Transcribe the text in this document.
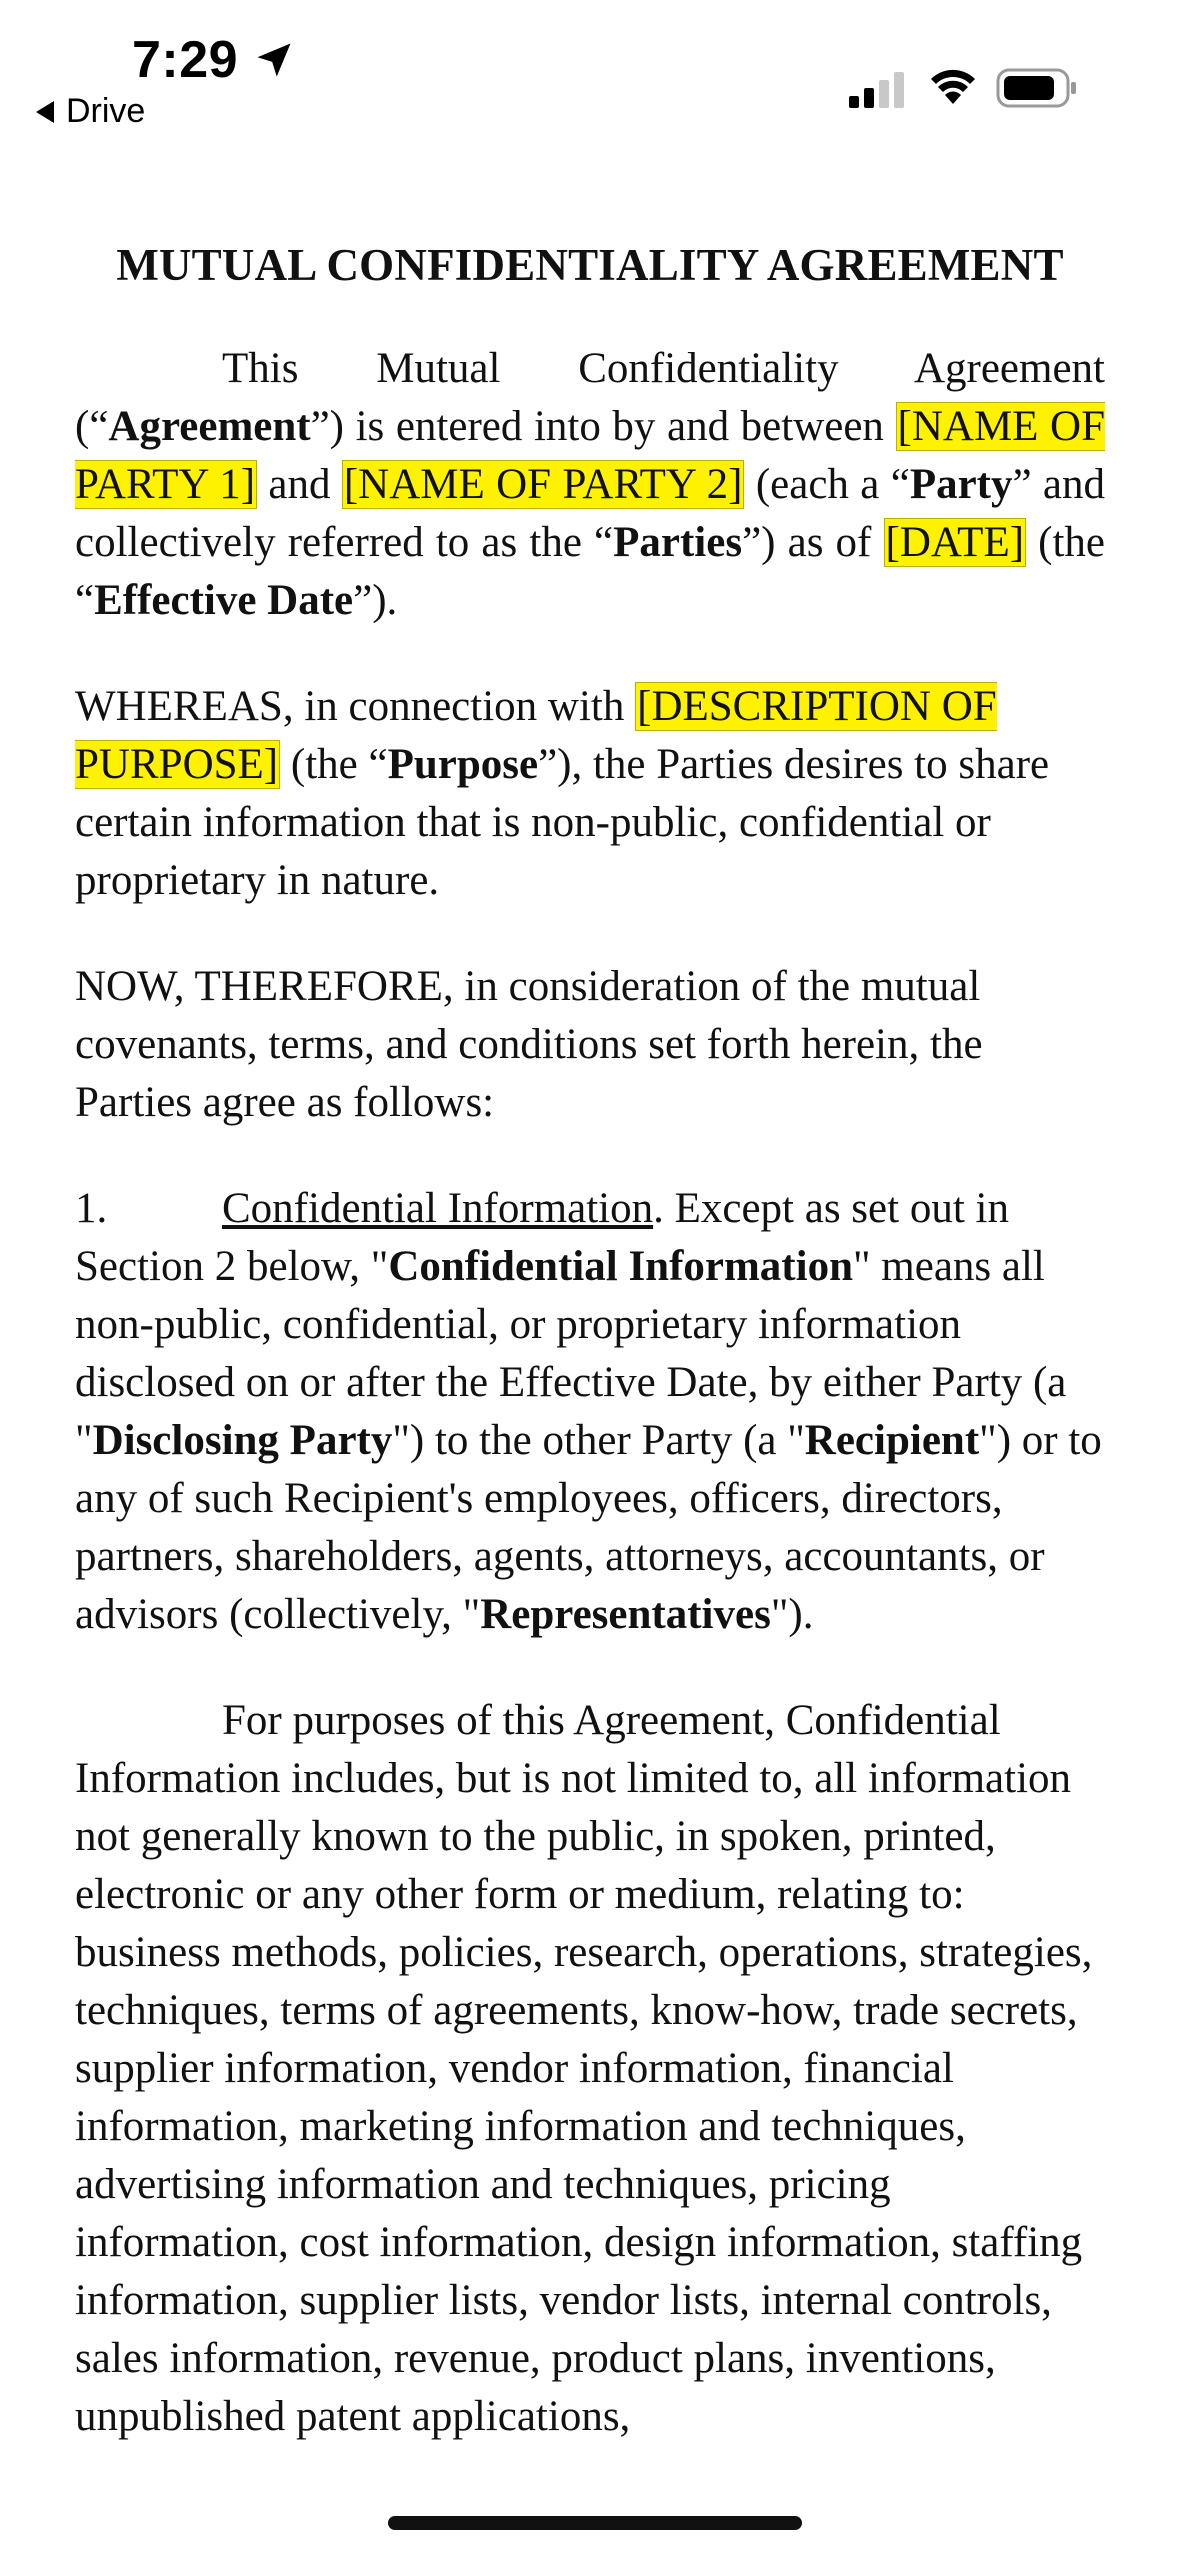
7:29
Drive
MUTUAL CONFIDENTIALITY AGREEMENT

This Mutual Confidentiality Agreement (“Agreement”) is entered into by and between [NAME OF PARTY 1] and [NAME OF PARTY 2] (each a “Party” and collectively referred to as the “Parties”) as of [DATE] (the “Effective Date”).

WHEREAS, in connection with [DESCRIPTION OF PURPOSE] (the “Purpose”), the Parties desires to share certain information that is non-public, confidential or proprietary in nature.

NOW, THEREFORE, in consideration of the mutual covenants, terms, and conditions set forth herein, the Parties agree as follows:

1.	Confidential Information. Except as set out in Section 2 below, "Confidential Information" means all non-public, confidential, or proprietary information disclosed on or after the Effective Date, by either Party (a "Disclosing Party") to the other Party (a "Recipient") or to any of such Recipient's employees, officers, directors, partners, shareholders, agents, attorneys, accountants, or advisors (collectively, "Representatives").

For purposes of this Agreement, Confidential Information includes, but is not limited to, all information not generally known to the public, in spoken, printed, electronic or any other form or medium, relating to: business methods, policies, research, operations, strategies, techniques, terms of agreements, know-how, trade secrets, supplier information, vendor information, financial information, marketing information and techniques, advertising information and techniques, pricing information, cost information, design information, staffing information, supplier lists, vendor lists, internal controls, sales information, revenue, product plans, inventions, unpublished patent applications,
